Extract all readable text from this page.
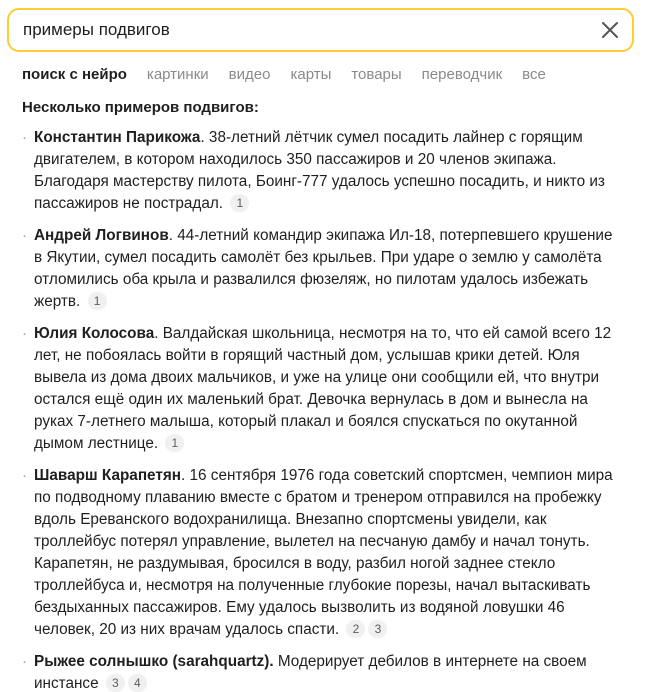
примеры подвигов
поиск с нейро картинки видео карты товары переводчик все
Несколько примеров подвигов:
· Константин Парикожа. 38-летний лётчик сумел посадить лайнер с горящим двигателем, в котором находилось 350 пассажиров и 20 членов экипажа. Благодаря мастерству пилота, Боинг-777 удалось успешно посадить, и никто из пассажиров не пострадал. 1
· Андрей Логвинов. 44-летний командир экипажа Ил-18, потерпевшего крушение в Якутии, сумел посадить самолёт без крыльев. При ударе о землю у самолёта отломились оба крыла и развалился фюзеляж, но пилотам удалось избежать жертв. 1
· Юлия Колосова. Валдайская школьница, несмотря на то, что ей самой всего 12 лет, не побоялась войти в горящий частный дом, услышав крики детей. Юля вывела из дома двоих мальчиков, и уже на улице они сообщили ей, что внутри остался ещё один их маленький брат. Девочка вернулась в дом и вынесла на руках 7-летнего малыша, который плакал и боялся спускаться по окутанной дымом лестнице. 1
· Шаварш Карапетян. 16 сентября 1976 года советский спортсмен, чемпион мира по подводному плаванию вместе с братом и тренером отправился на пробежку вдоль Ереванского водохранилища. Внезапно спортсмены увидели, как троллейбус потерял управление, вылетел на песчаную дамбу и начал тонуть. Карапетян, не раздумывая, бросился в воду, разбил ногой заднее стекло троллейбуса и, несмотря на полученные глубокие порезы, начал вытаскивать бездыханных пассажиров. Ему удалось вызволить из водяной ловушки 46 человек, 20 из них врачам удалось спасти. 2 3
· Рыжее солнышко (sarahquartz). Модерирует дебилов в интернете на своем инстансе 3 4
